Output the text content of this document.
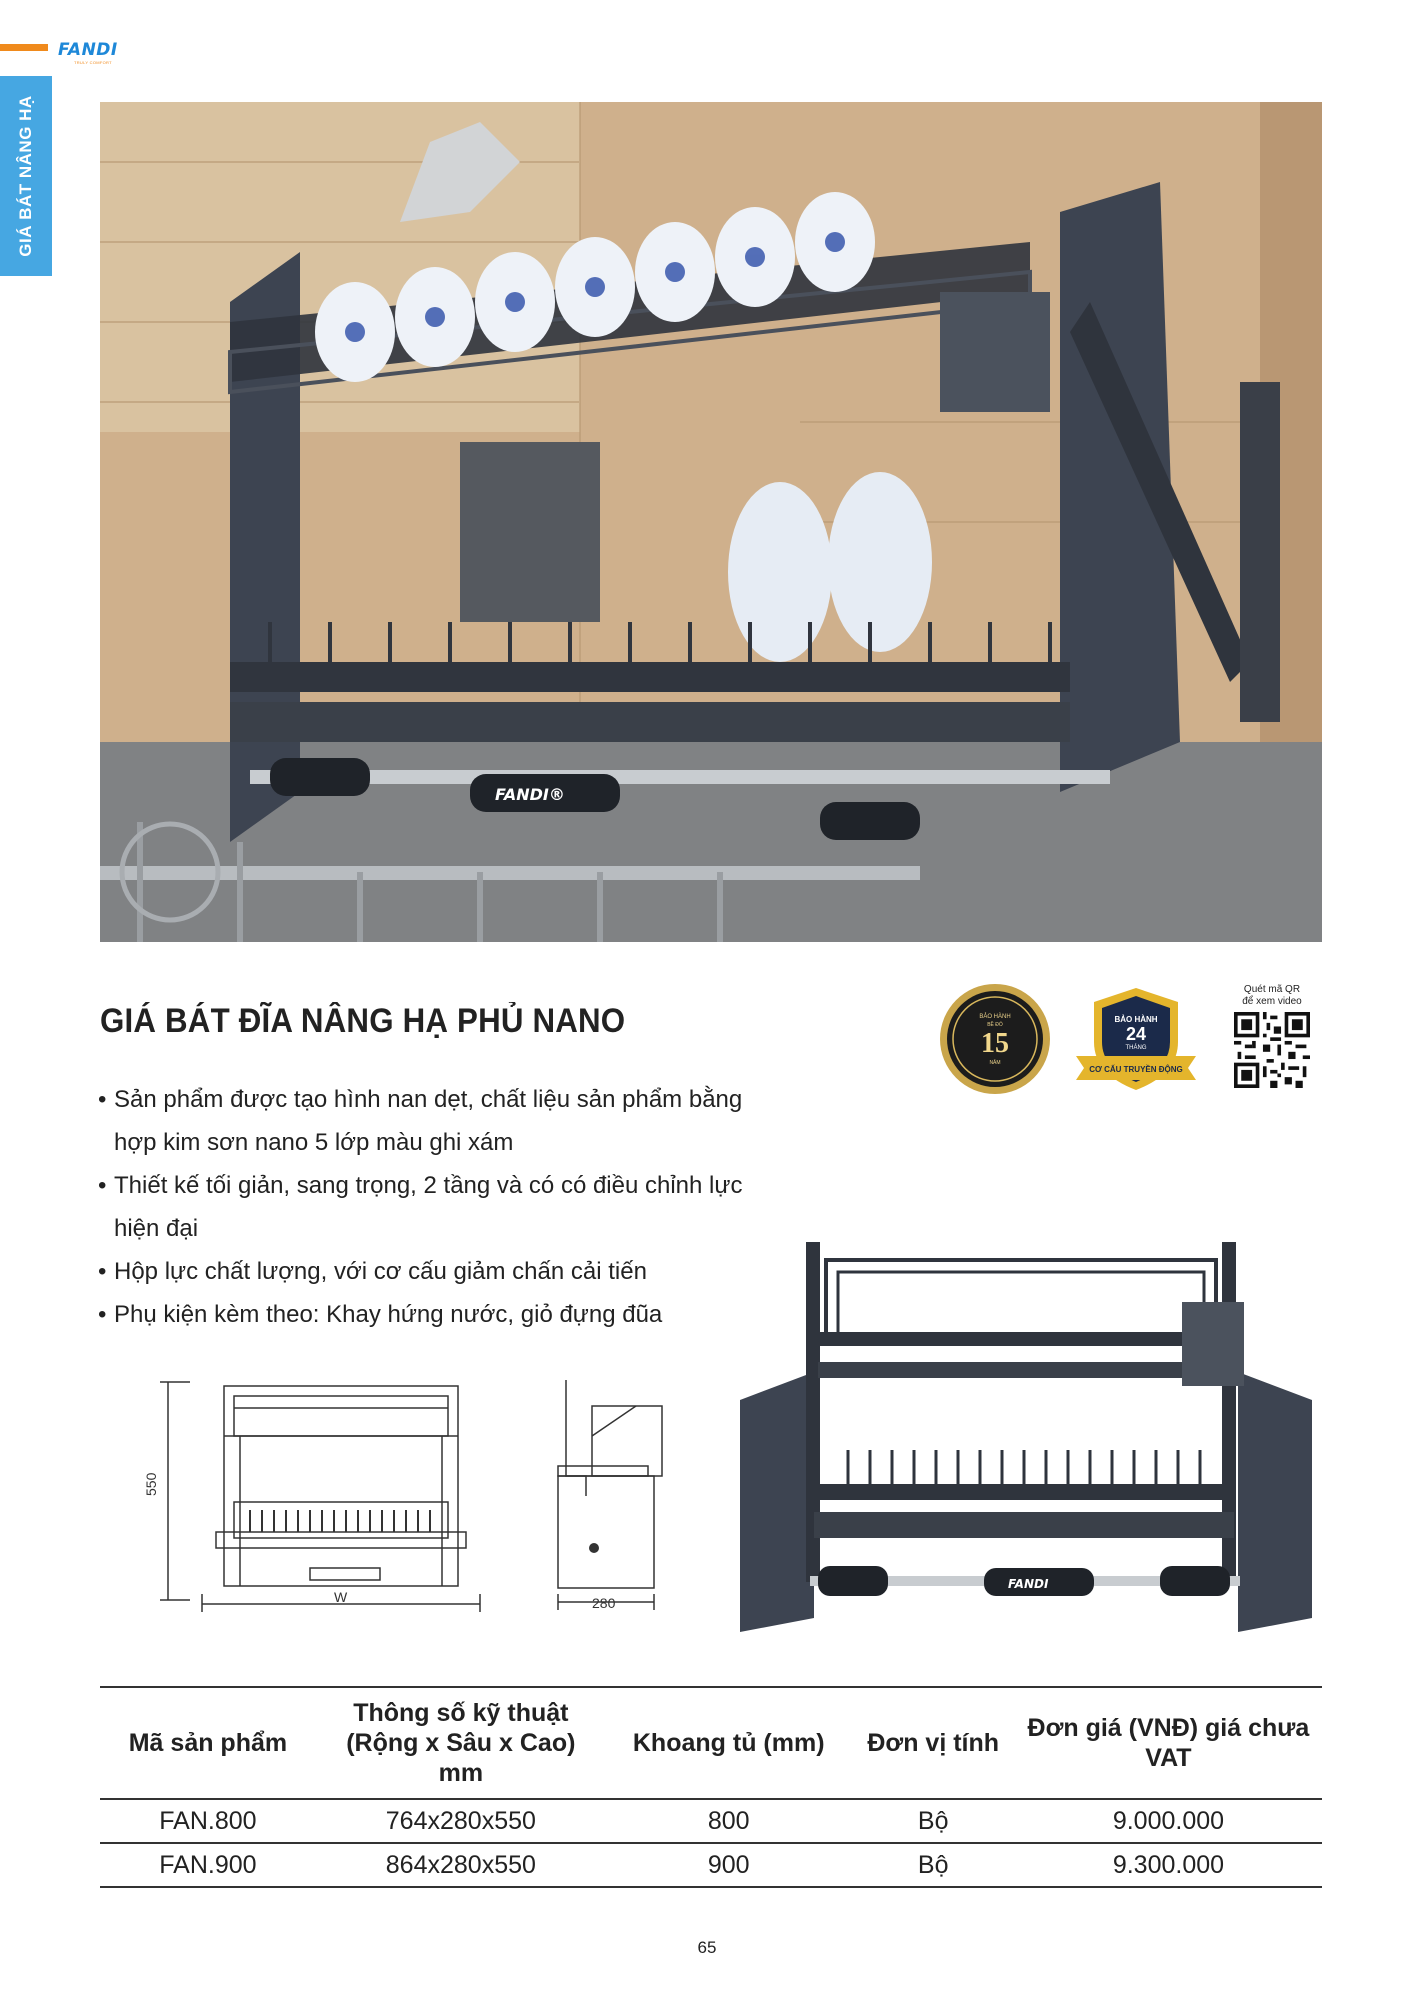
FANDI
TRULY COMFORT
GIÁ BÁT NÂNG HẠ
FANDI®
GIÁ BÁT ĐĨA NÂNG HẠ PHỦ NANO	BẢO HÀNH
BỀ ĐỎ
15
NĂM
BẢO HÀNH
24
THÁNG
CƠ CẤU TRUYỀN ĐỘNG
Quét mã QR
để xem video
• Sản phẩm được tạo hình nan dẹt, chất liệu sản phẩm bằng hợp kim sơn nano 5 lớp màu ghi xám
• Thiết kế tối giản, sang trọng, 2 tầng và có có điều chỉnh lực hiện đại
• Hộp lực chất lượng, với cơ cấu giảm chấn cải tiến
• Phụ kiện kèm theo: Khay hứng nước, giỏ đựng đũa
550
W	280
FANDI
Mã sản phẩm	Thông số kỹ thuật (Rộng x Sâu x Cao) mm	Khoang tủ (mm)	Đơn vị tính	Đơn giá (VNĐ) giá chưa VAT
FAN.800	764x280x550	800	Bộ	9.000.000
FAN.900	864x280x550	900	Bộ	9.300.000
65
